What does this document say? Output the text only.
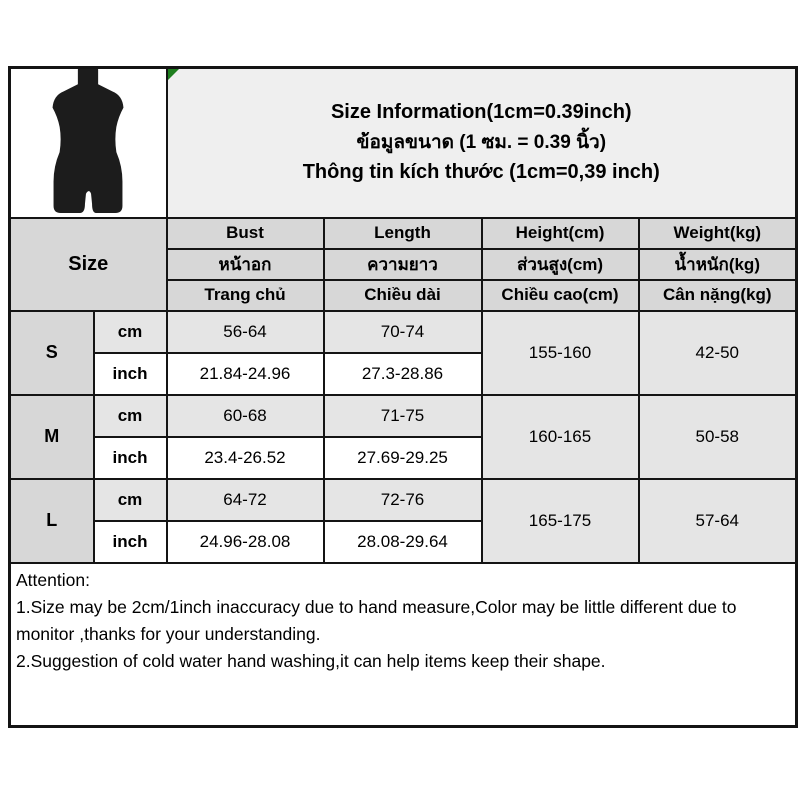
Size Information(1cm=0.39inch)
ข้อมูลขนาด (1 ซม. = 0.39 นิ้ว)
Thông tin kích thước (1cm=0,39 inch)			

Size		Bust	Length	Height(cm)	Weight(kg)
		หน้าอก	ความยาว	ส่วนสูง(cm)	น้ำหนัก(kg)
		Trang chủ	Chiều dài	Chiều cao(cm)	Cân nặng(kg)
S	cm	56-64	70-74	155-160	42-50
	inch	21.84-24.96	27.3-28.86		
M	cm	60-68	71-75	160-165	50-58
	inch	23.4-26.52	27.69-29.25		
L	cm	64-72	72-76	165-175	57-64
	inch	24.96-28.08	28.08-29.64		

Attention:

1.Size may be 2cm/1inch inaccuracy due to hand measure,Color may be little different due to monitor ,thanks for your understanding.

2.Suggestion of cold water hand washing,it can help items keep their shape.					
